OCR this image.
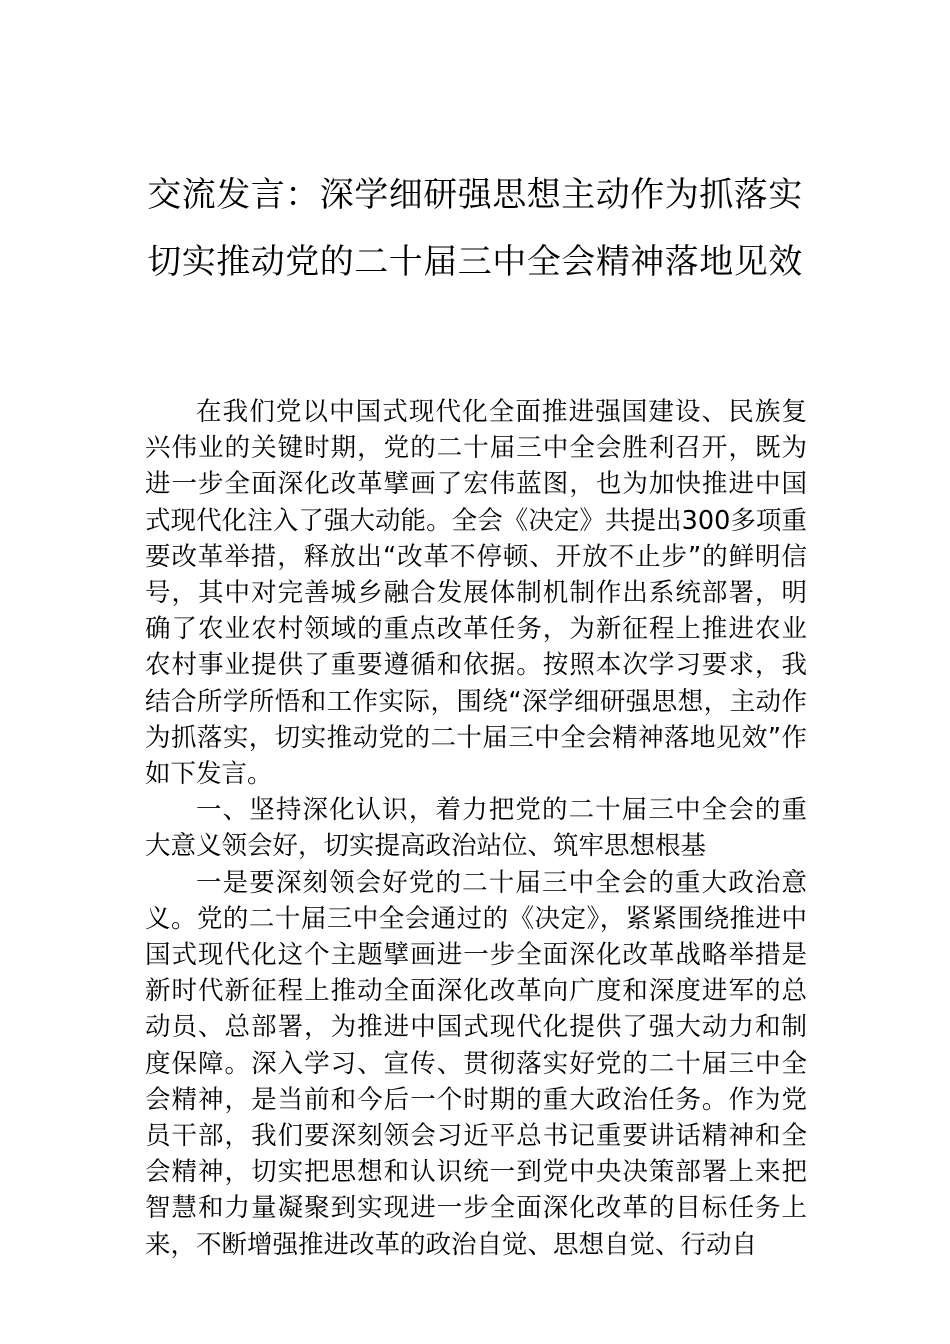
交流发言：深学细研强思想主动作为抓落实切实推动党的二十届三中全会精神落地见效

在我们党以中国式现代化全面推进强国建设、民族复兴伟业的关键时期，党的二十届三中全会胜利召开，既为进一步全面深化改革擘画了宏伟蓝图，也为加快推进中国式现代化注入了强大动能。全会《决定》共提出300多项重要改革举措，释放出“改革不停顿、开放不止步”的鲜明信号，其中对完善城乡融合发展体制机制作出系统部署，明确了农业农村领域的重点改革任务，为新征程上推进农业农村事业提供了重要遵循和依据。按照本次学习要求，我结合所学所悟和工作实际，围绕“深学细研强思想，主动作为抓落实，切实推动党的二十届三中全会精神落地见效”作如下发言。

一、坚持深化认识，着力把党的二十届三中全会的重大意义领会好，切实提高政治站位、筑牢思想根基

一是要深刻领会好党的二十届三中全会的重大政治意义。党的二十届三中全会通过的《决定》，紧紧围绕推进中国式现代化这个主题擘画进一步全面深化改革战略举措是新时代新征程上推动全面深化改革向广度和深度进军的总动员、总部署，为推进中国式现代化提供了强大动力和制度保障。深入学习、宣传、贯彻落实好党的二十届三中全会精神，是当前和今后一个时期的重大政治任务。作为党员干部，我们要深刻领会习近平总书记重要讲话精神和全会精神，切实把思想和认识统一到党中央决策部署上来把智慧和力量凝聚到实现进一步全面深化改革的目标任务上来，不断增强推进改革的政治自觉、思想自觉、行动自
